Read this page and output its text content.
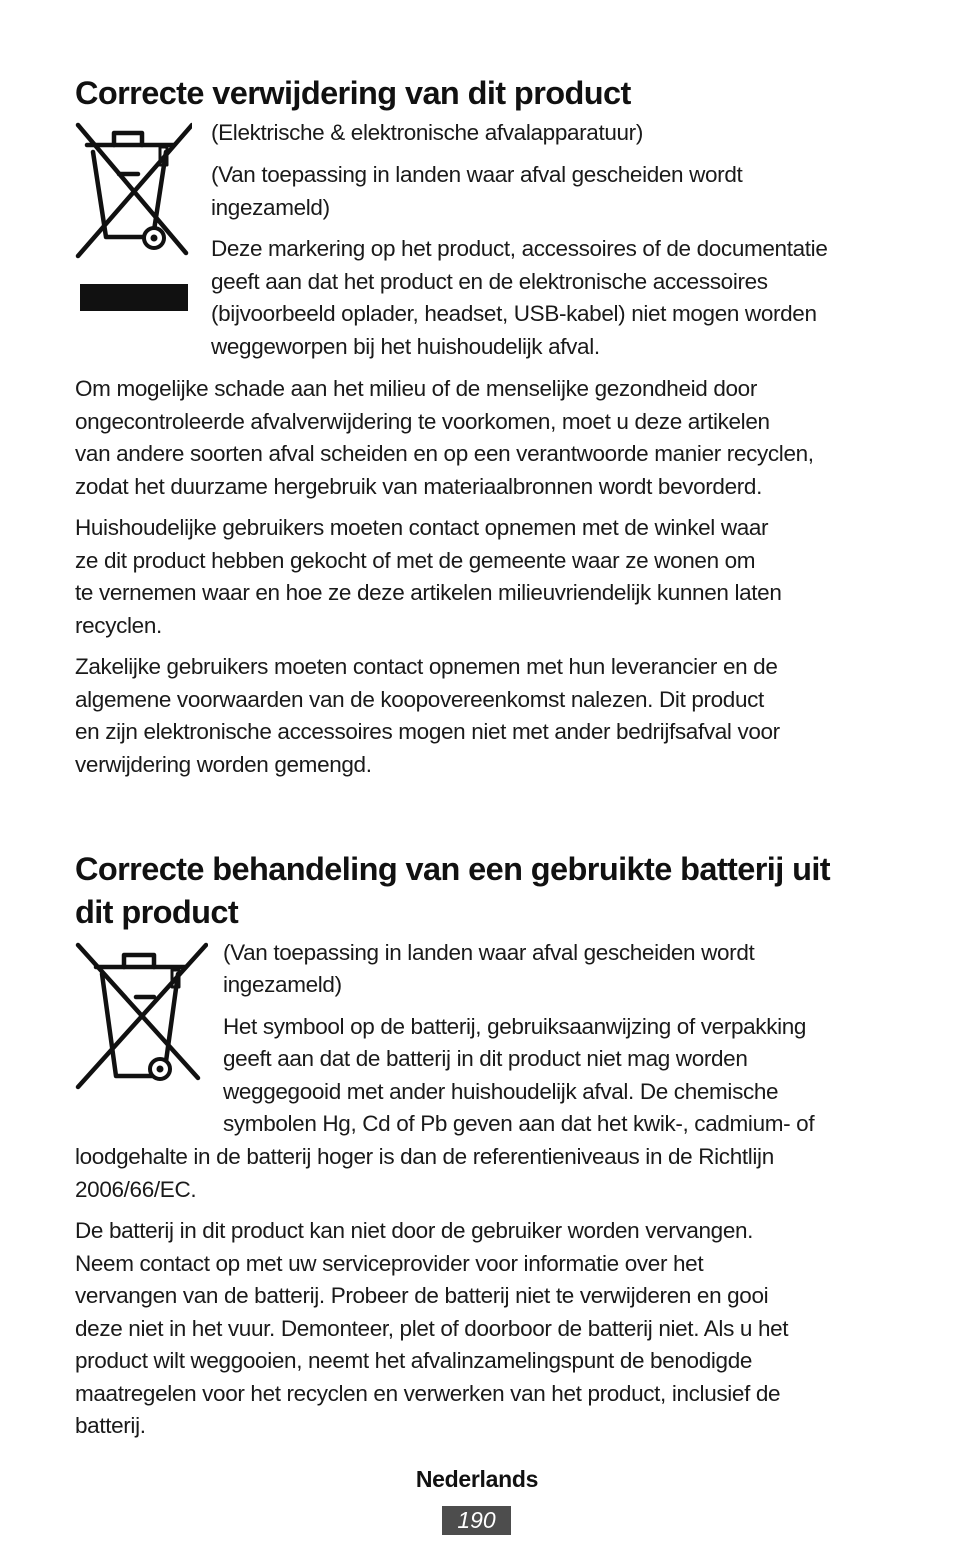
Correcte verwijdering van dit product

(Elektrische & elektronische afvalapparatuur)

(Van toepassing in landen waar afval gescheiden wordt

ingezameld)

Deze markering op het product, accessoires of de documentatie

geeft aan dat het product en de elektronische accessoires

(bijvoorbeeld oplader, headset, USB-kabel) niet mogen worden

weggeworpen bij het huishoudelijk afval.

Om mogelijke schade aan het milieu of de menselijke gezondheid door

ongecontroleerde afvalverwijdering te voorkomen, moet u deze artikelen

van andere soorten afval scheiden en op een verantwoorde manier recyclen,

zodat het duurzame hergebruik van materiaalbronnen wordt bevorderd.

Huishoudelijke gebruikers moeten contact opnemen met de winkel waar

ze dit product hebben gekocht of met de gemeente waar ze wonen om

te vernemen waar en hoe ze deze artikelen milieuvriendelijk kunnen laten

recyclen.

Zakelijke gebruikers moeten contact opnemen met hun leverancier en de

algemene voorwaarden van de koopovereenkomst nalezen. Dit product

en zijn elektronische accessoires mogen niet met ander bedrijfsafval voor

verwijdering worden gemengd.

Correcte behandeling van een gebruikte batterij uit
dit product

(Van toepassing in landen waar afval gescheiden wordt

ingezameld)

Het symbool op de batterij, gebruiksaanwijzing of verpakking

geeft aan dat de batterij in dit product niet mag worden

weggegooid met ander huishoudelijk afval. De chemische

symbolen Hg, Cd of Pb geven aan dat het kwik-, cadmium- of

loodgehalte in de batterij hoger is dan de referentieniveaus in de Richtlijn

2006/66/EC.

De batterij in dit product kan niet door de gebruiker worden vervangen.

Neem contact op met uw serviceprovider voor informatie over het

vervangen van de batterij. Probeer de batterij niet te verwijderen en gooi

deze niet in het vuur. Demonteer, plet of doorboor de batterij niet. Als u het

product wilt weggooien, neemt het afvalinzamelingspunt de benodigde

maatregelen voor het recyclen en verwerken van het product, inclusief de

batterij.

Nederlands
190
